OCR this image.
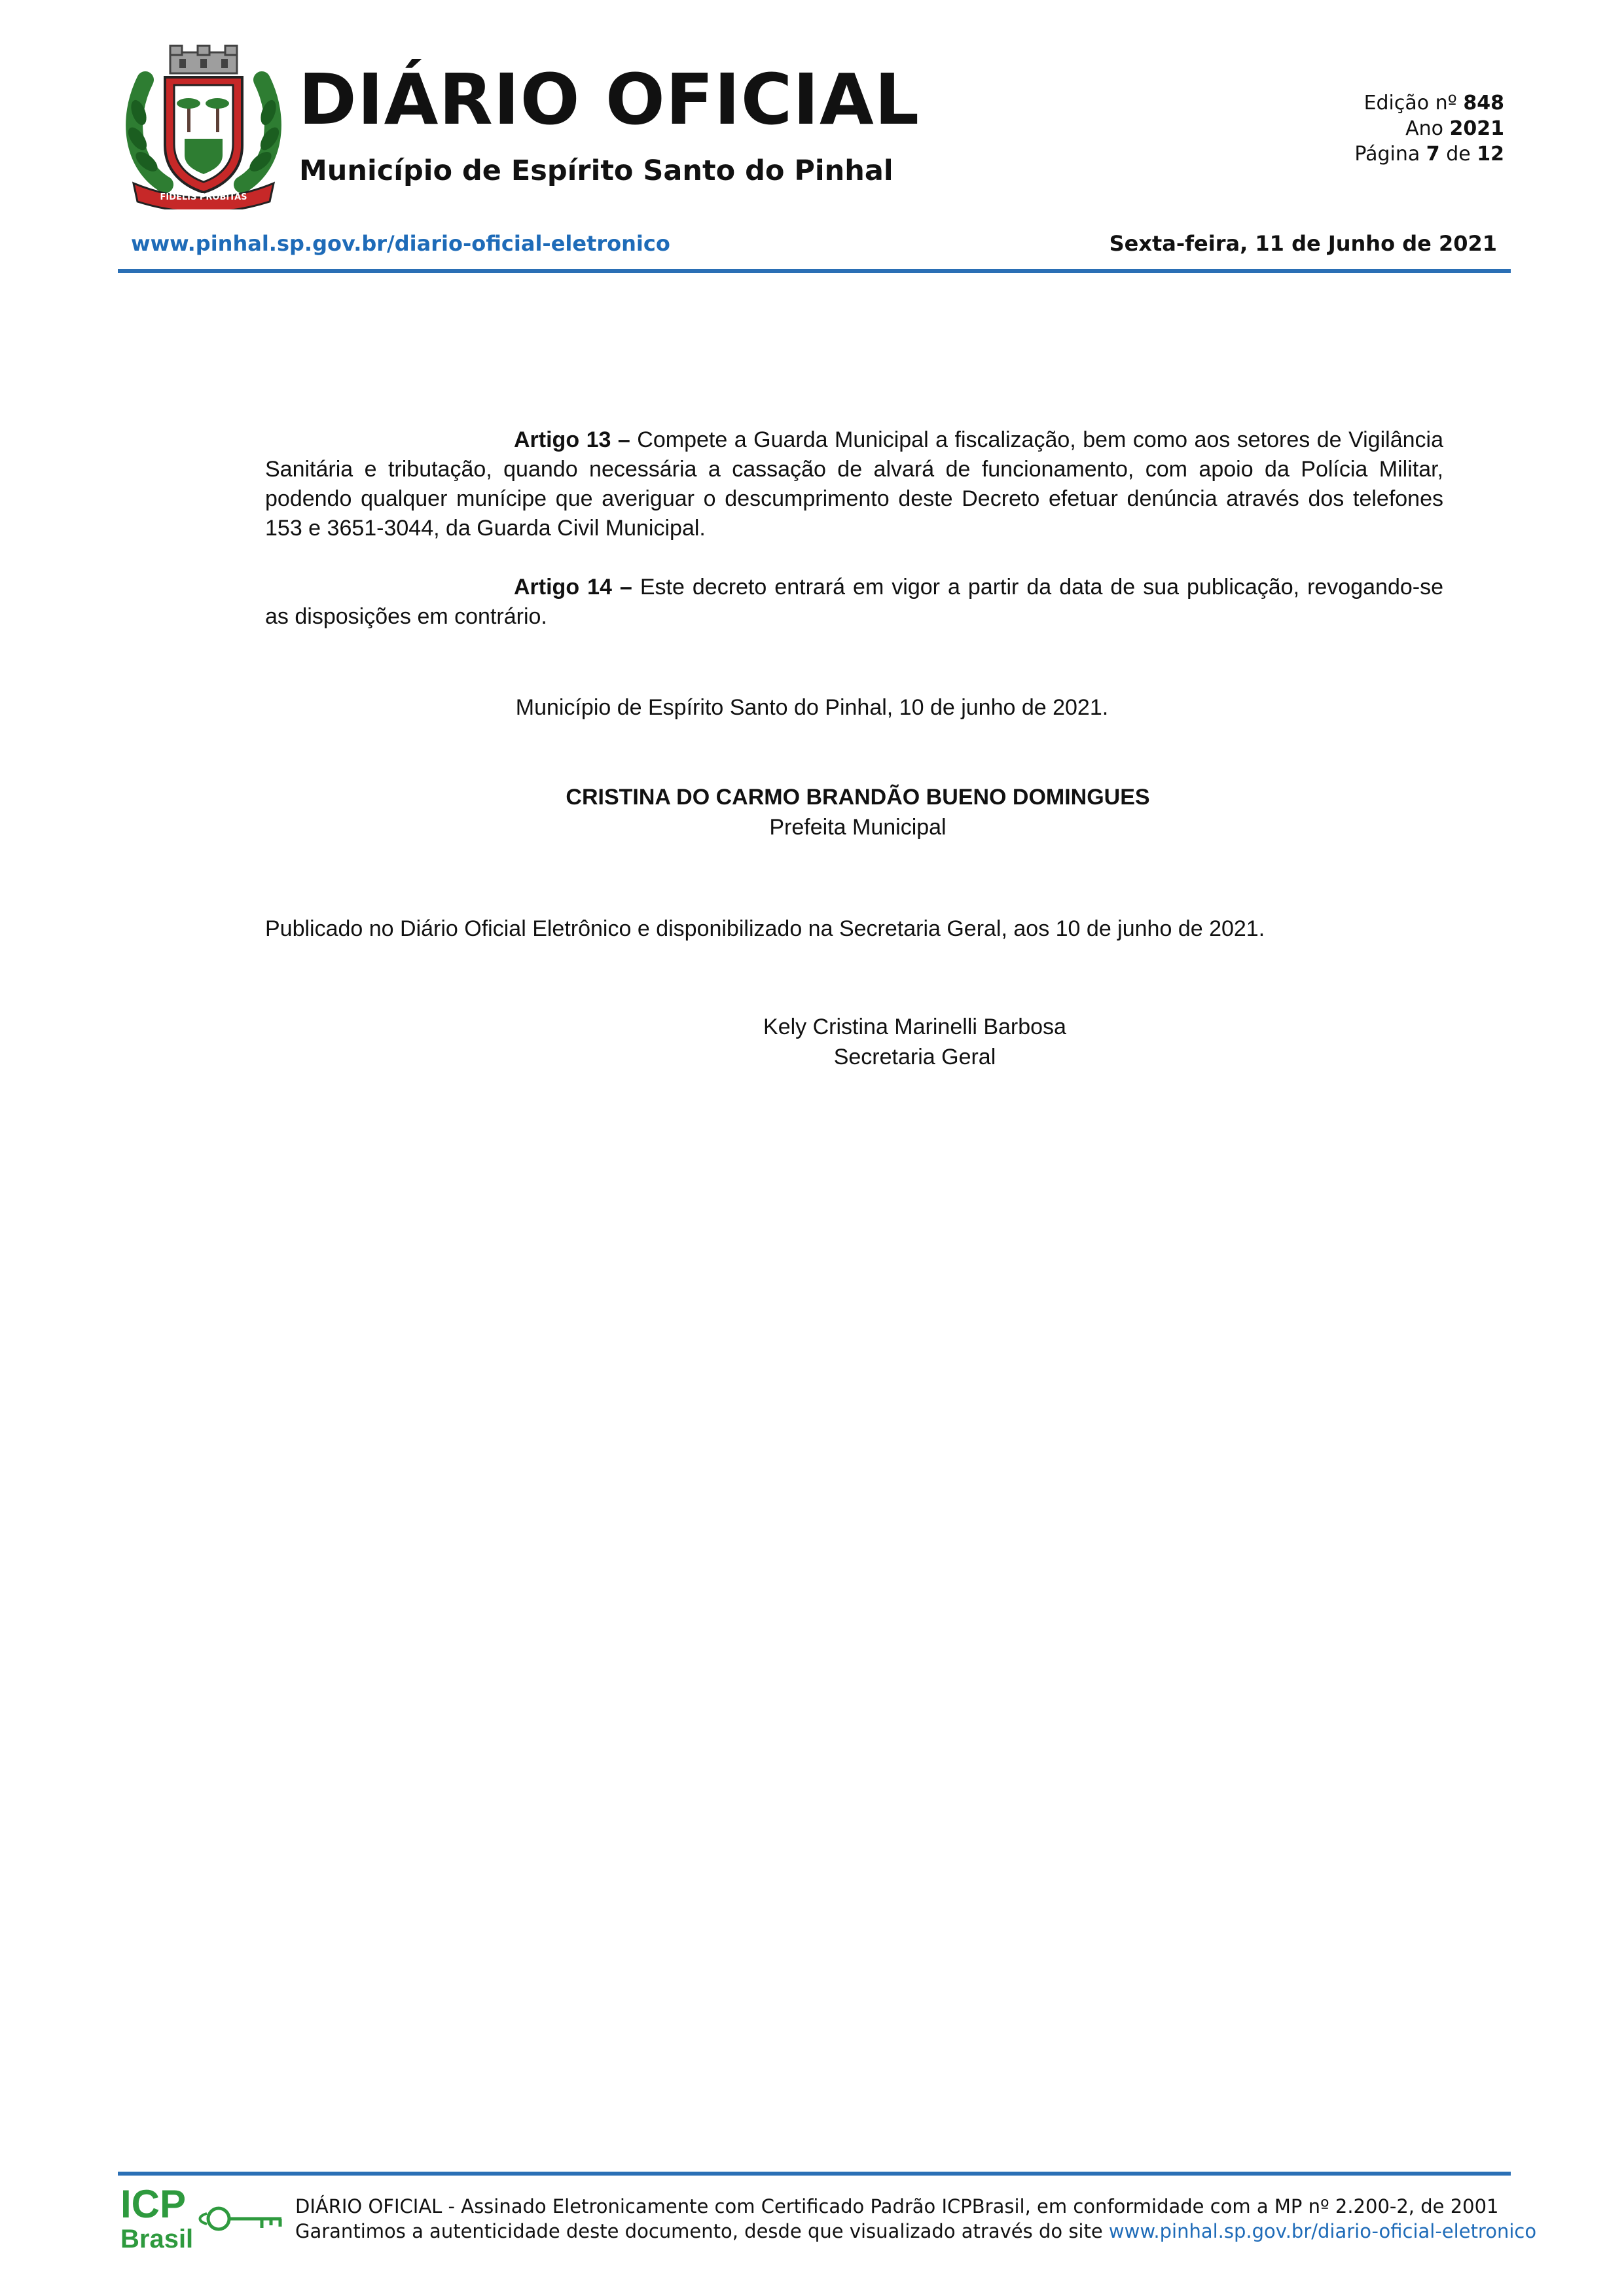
FIDELIS PROBITAS
DIÁRIO OFICIAL
Município de Espírito Santo do Pinhal
Edição nº 848
Ano 2021
Página 7 de 12
www.pinhal.sp.gov.br/diario-oficial-eletronico	Sexta-feira, 11 de Junho de 2021
Artigo 13 – Compete a Guarda Municipal a fiscalização, bem como aos setores de Vigilância Sanitária e tributação, quando necessária a cassação de alvará de funcionamento, com apoio da Polícia Militar, podendo qualquer munícipe que averiguar o descumprimento deste Decreto efetuar denúncia através dos telefones 153 e 3651-3044, da Guarda Civil Municipal.
Artigo 14 – Este decreto entrará em vigor a partir da data de sua publicação, revogando-se as disposições em contrário.
Município de Espírito Santo do Pinhal, 10 de junho de 2021.
CRISTINA DO CARMO BRANDÃO BUENO DOMINGUES
Prefeita Municipal
Publicado no Diário Oficial Eletrônico e disponibilizado na Secretaria Geral, aos 10 de junho de 2021.
Kely Cristina Marinelli Barbosa
Secretaria Geral
ICP
Brasil
DIÁRIO OFICIAL - Assinado Eletronicamente com Certificado Padrão ICPBrasil, em conformidade com a MP nº 2.200-2, de 2001
Garantimos a autenticidade deste documento, desde que visualizado através do site www.pinhal.sp.gov.br/diario-oficial-eletronico
